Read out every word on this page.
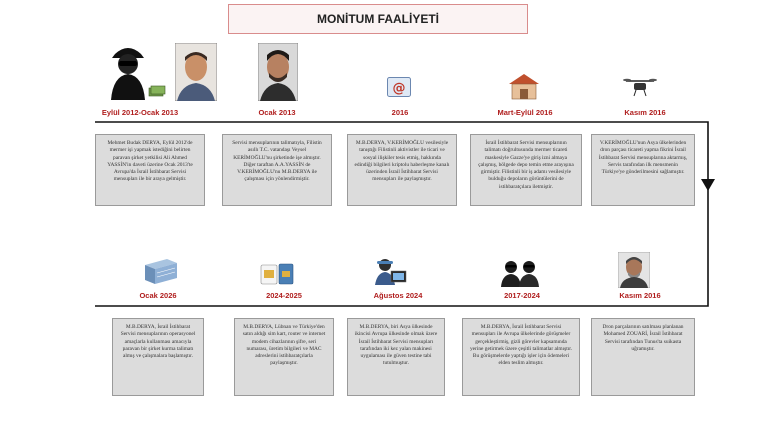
MONİTUM FAALİYETİ
@
Eylül 2012-Ocak 2013	Ocak 2013	2016	Mart-Eylül 2016	Kasım 2016
Mehmet Budak DERYA, Eylül 2012'de mermer işi yapmak istediğini belirten paravan şirket yetkilisi Ali Ahmed YASSİN'in daveti üzerine Ocak 2013'te Avrupa'da İsrail İstihbarat Servisi mensupları ile bir araya gelmiştir.
Servisi mensuplarının talimatıyla, Filistin asıllı T.C. vatandaşı Veysel KERİMOĞLU'nu şirketinde işe almıştır. Diğer taraftan A.A.YASSİN de V.KERİMOĞLU'nu M.B.DERYA ile çalışması için yönlendirmiştir.
M.B.DERYA, V.KERİMOĞLU vesilesiyle tanıştığı Filistinli aktivistler ile ticari ve sosyal ilişkiler tesis etmiş, hakkında edindiği bilgileri kriptolu haberleşme kanalı üzerinden İsrail İstihbarat Servisi mensupları ile paylaşmıştır.
İsrail İstihbarat Servisi mensuplarının talimatı doğrultusunda mermer ticareti maskesiyle Gazze'ye giriş izni almaya çalışmış, bölgede depo temin etme arayışına girmiştir. Filistinli bir iş adamı vesilesiyle bulduğu depoların görüntülerini de istihbaratçılara iletmiştir.
V.KERİMOĞLU'nun Asya ülkelerinden dron parçası ticareti yapma fikrini İsrail İstihbarat Servisi mensuplarına aktarmış, Servis tarafından ilk mensmenin Türkiye'ye gönderilmesini sağlamıştır.
Ocak 2026	2024-2025	Ağustos 2024	2017-2024	Kasım 2016
M.B.DERYA, İsrail İstihbarat Servisi mensuplarının operasyonel amaçlarla kullanması amacıyla paravan bir şirket kurma talimatı almış ve çalışmalara başlamıştır.
M.B.DERYA, Lübnan ve Türkiye'den satın aldığı sim kart, router ve internet modem cihazlarının şifre, seri numarası, üretim bilgileri ve MAC adreslerini istihbaratçılarla paylaşmıştır.
M.B.DERYA, biri Asya ülkesinde ikincisi Avrupa ülkesinde olmak üzere İsrail İstihbarat Servisi mensupları tarafından iki kez yalan makinesi uygulaması ile güven testine tabi tutulmuştur.
M.B.DERYA, İsrail İstihbarat Servisi mensupları ile Avrupa ülkelerinde görüşmeler gerçekleştirmiş, gizli görevler kapsamında yerine getirmek üzere çeşitli talimatlar almıştır. Bu görüşmelerde yaptığı işler için ödemeleri elden teslim almıştır.
Dron parçalarının satılması planlanan Mohamed ZOUARİ, İsrail İstihbarat Servisi tarafından Tunus'ta suikasta uğramıştır.
